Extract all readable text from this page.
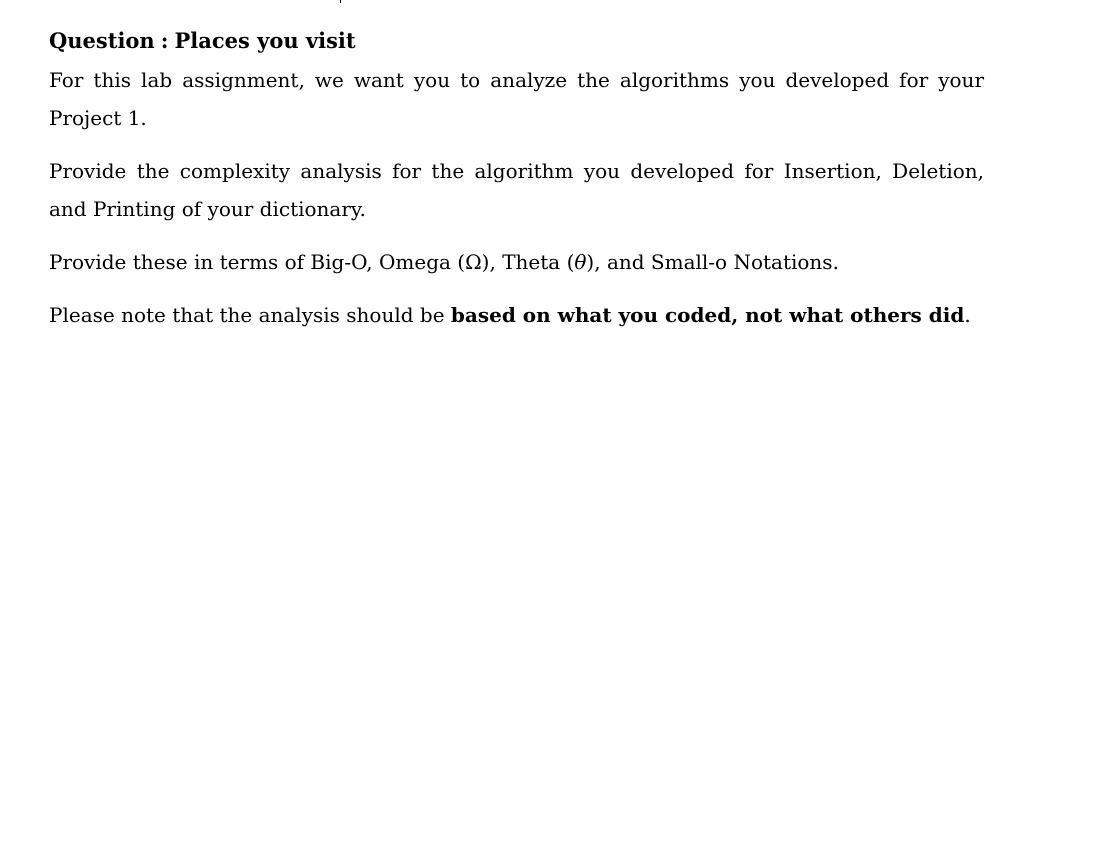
Question : Places you visit

For this lab assignment, we want you to analyze the algorithms you developed for your Project 1.

Provide the complexity analysis for the algorithm you developed for Insertion, Deletion, and Printing of your dictionary.

Provide these in terms of Big-O, Omega (Ω), Theta (θ), and Small-o Notations.

Please note that the analysis should be based on what you coded, not what others did.
